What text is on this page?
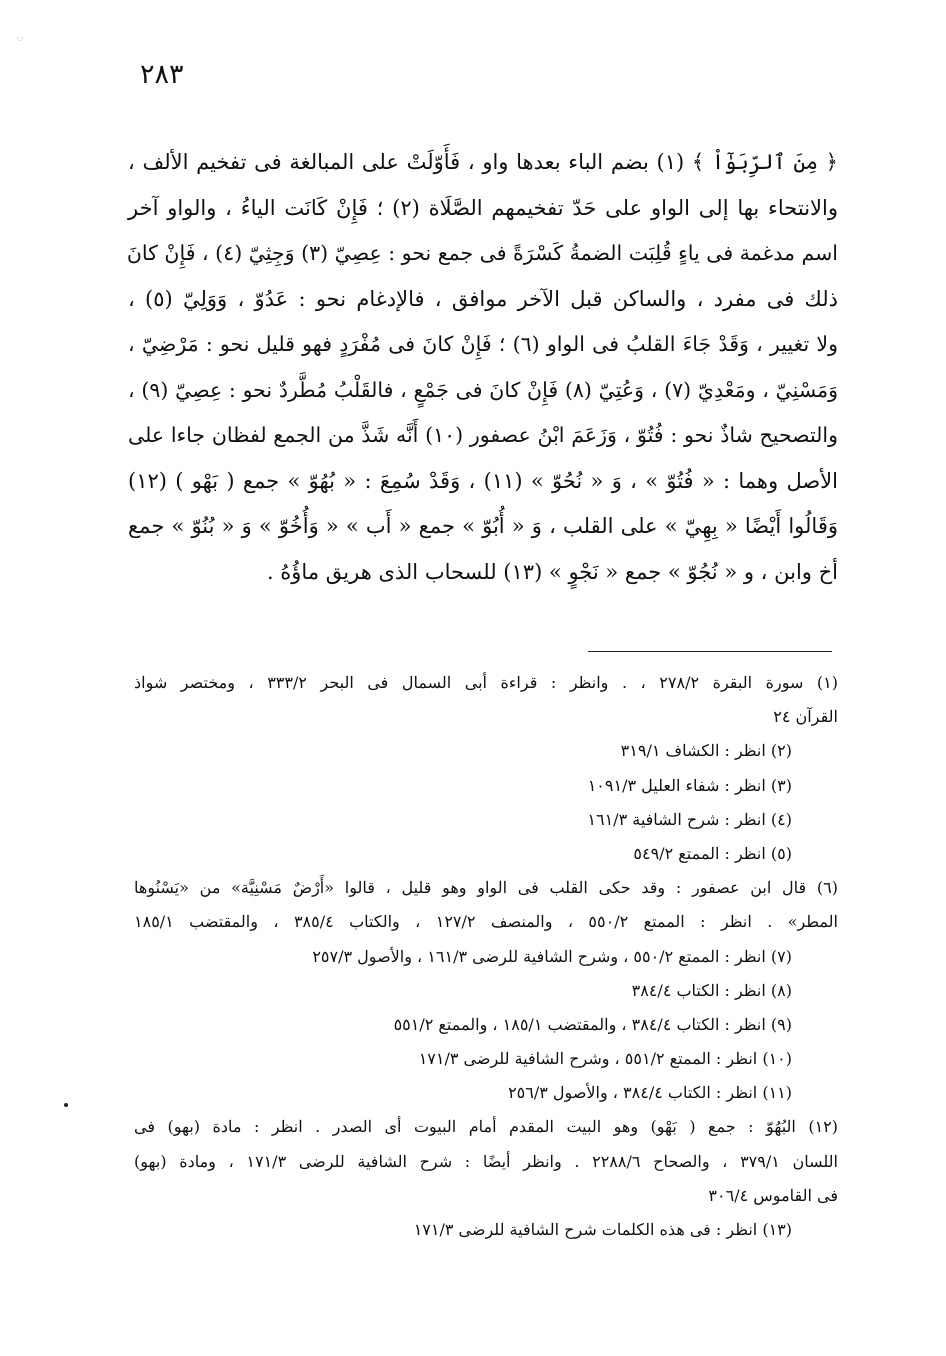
·.·
٢٨٣
﴿ مِنَ ٱلرِّبَوٰٓاْ ﴾ (١) بضم الباء بعدها واو ، فَأَوّلَتْ على المبالغة فى تفخيم الألف ،
والانتحاء بها إلى الواو على حَدّ تفخيمهم الصَّلَاة (٢) ؛ فَإِنْ كَانَت الياءُ ، والواو آخر
اسم مدغمة فى ياءٍ قُلِبَت الضمةُ كَسْرَةً فى جمع نحو : عِصِيّ (٣) وَجِثِيّ (٤) ، فَإِنْ كانَ
ذلك فى مفرد ، والساكن قبل الآخر موافق ، فالإدغام نحو : عَدُوّ ، وَوَلِيّ (٥) ،
ولا تغيير ، وَقَدْ جَاءَ القلبُ فى الواو (٦) ؛ فَإِنْ كانَ فى مُفْرَدٍ فهو قليل نحو : مَرْضِيّ ،
وَمَسْنِيّ ، ومَعْدِيّ (٧) ، وَعُتِيّ (٨) فَإِنْ كانَ فى جَمْعٍ ، فالقَلْبُ مُطَّردٌ نحو : عِصِيّ (٩) ،
والتصحيح شاذٌ نحو : فُتُوّ ، وَزَعَمَ ابْنُ عصفور (١٠) أَنَّه شَذَّ من الجمع لفظان جاءا على
الأصل وهما : « فُتُوّ » ، وَ « نُحُوّ » (١١) ، وَقَدْ سُمِعَ : « بُهُوّ » جمع ( بَهْو ) (١٢)
وَقَالُوا أَيْضًا « بِهِيّ » على القلب ، وَ « أُبُوّ » جمع « أَب » « وَأُخُوّ » وَ « بُنُوّ » جمع
أخ وابن ، و « نُجُوّ » جمع « نَجْوٍ » (١٣) للسحاب الذى هريق ماؤُهُ .
(١) سورة البقرة ٢٧٨/٢ ، . وانظر : قراءة أبى السمال فى البحر ٣٣٣/٢ ، ومختصر شواذ
القرآن ٢٤
(٢) انظر : الكشاف ٣١٩/١
(٣) انظر : شفاء العليل ١٠٩١/٣
(٤) انظر : شرح الشافية ١٦١/٣
(٥) انظر : الممتع ٥٤٩/٢
(٦) قال ابن عصفور : وقد حكى القلب فى الواو وهو قليل ، قالوا «أَرْضٌ مَسْنِيَّة» من «يَسْنُوها
المطر» . انظر : الممتع ٥٥٠/٢ ، والمنصف ١٢٧/٢ ، والكتاب ٣٨٥/٤ ، والمقتضب ١٨٥/١
(٧) انظر : الممتع ٥٥٠/٢ ، وشرح الشافية للرضى ١٦١/٣ ، والأصول ٢٥٧/٣
(٨) انظر : الكتاب ٣٨٤/٤
(٩) انظر : الكتاب ٣٨٤/٤ ، والمقتضب ١٨٥/١ ، والممتع ٥٥١/٢
(١٠) انظر : الممتع ٥٥١/٢ ، وشرح الشافية للرضى ١٧١/٣
(١١) انظر : الكتاب ٣٨٤/٤ ، والأصول ٢٥٦/٣
(١٢) البُهُوّ : جمع ( بَهْو) وهو البيت المقدم أمام البيوت أى الصدر . انظر : مادة (بهو) فى
اللسان ٣٧٩/١ ، والصحاح ٢٢٨٨/٦ . وانظر أيضًا : شرح الشافية للرضى ١٧١/٣ ، ومادة (بهو)
فى القاموس ٣٠٦/٤
(١٣) انظر : فى هذه الكلمات شرح الشافية للرضى ١٧١/٣
